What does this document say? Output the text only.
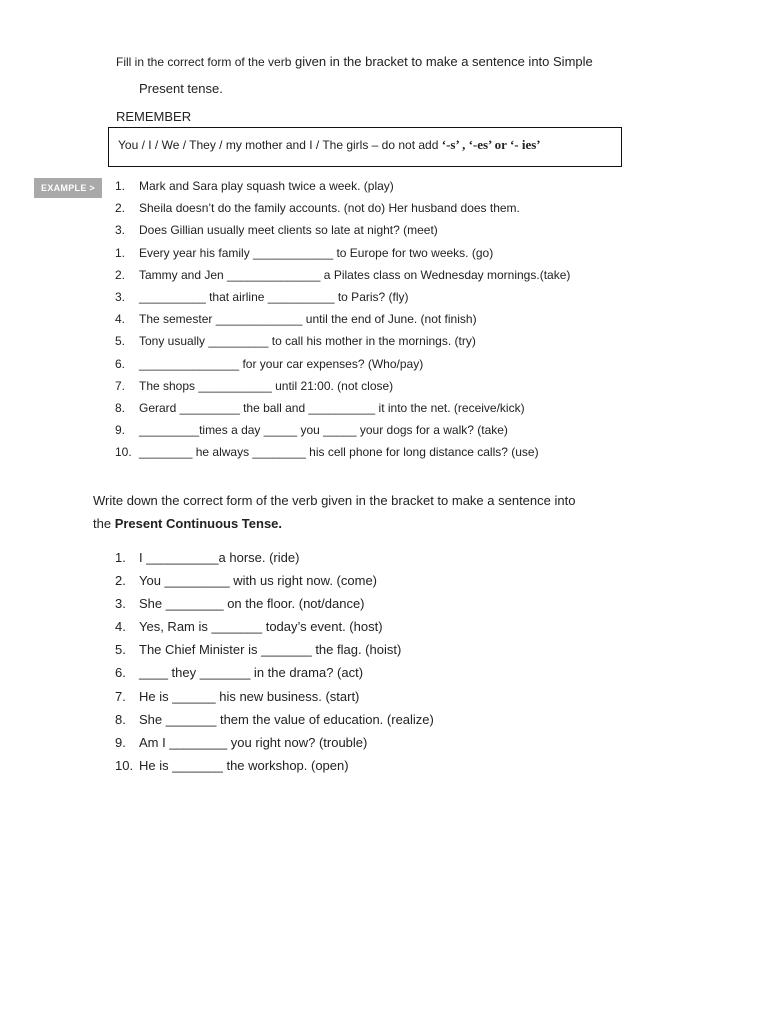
Fill in the correct form of the verb given in the bracket to make a sentence into Simple
Present tense.
REMEMBER
You / I / We / They / my mother and I / The girls – do not add ‘-s’ , ‘-es’ or ‘- ies’
EXAMPLE >	1. Mark and Sara play squash twice a week. (play)
2. Sheila doesn’t do the family accounts. (not do) Her husband does them.
3. Does Gillian usually meet clients so late at night? (meet)
1. Every year his family ____________ to Europe for two weeks. (go)
2. Tammy and Jen ______________ a Pilates class on Wednesday mornings.(take)
3. __________ that airline __________ to Paris? (fly)
4. The semester _____________ until the end of June. (not finish)
5. Tony usually _________ to call his mother in the mornings. (try)
6. _______________ for your car expenses? (Who/pay)
7. The shops ___________ until 21:00. (not close)
8. Gerard _________ the ball and __________ it into the net. (receive/kick)
9. _________times a day _____ you _____ your dogs for a walk? (take)
10. ________ he always ________ his cell phone for long distance calls? (use)
Write down the correct form of the verb given in the bracket to make a sentence into
the Present Continuous Tense.
1. I __________a horse. (ride)
2. You _________ with us right now. (come)
3. She ________ on the floor. (not/dance)
4. Yes, Ram is _______ today’s event. (host)
5. The Chief Minister is _______ the flag. (hoist)
6. ____ they _______ in the drama? (act)
7. He is ______ his new business. (start)
8. She _______ them the value of education. (realize)
9. Am I ________ you right now? (trouble)
10. He is _______ the workshop. (open)
